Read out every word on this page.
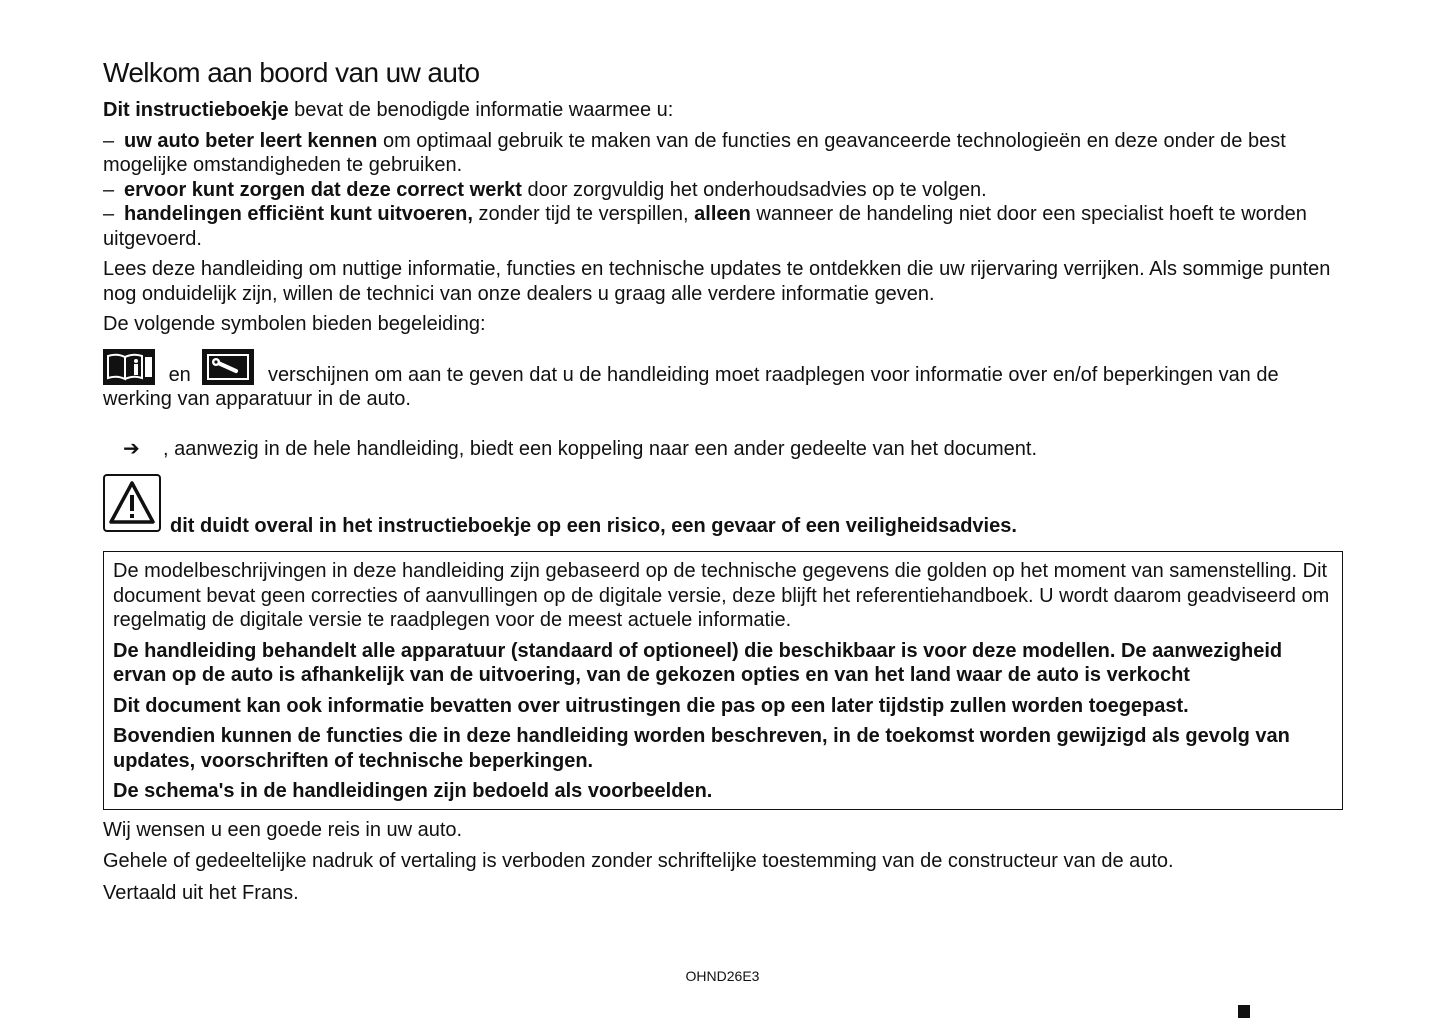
Welkom aan boord van uw auto

Dit instructieboekje bevat de benodigde informatie waarmee u:

– uw auto beter leert kennen om optimaal gebruik te maken van de functies en geavanceerde technologieën en deze onder de best mogelijke omstandigheden te gebruiken.

– ervoor kunt zorgen dat deze correct werkt door zorgvuldig het onderhoudsadvies op te volgen.

– handelingen efficiënt kunt uitvoeren, zonder tijd te verspillen, alleen wanneer de handeling niet door een specialist hoeft te worden uitgevoerd.

Lees deze handleiding om nuttige informatie, functies en technische updates te ontdekken die uw rijervaring verrijken. Als sommige punten nog onduidelijk zijn, willen de technici van onze dealers u graag alle verdere informatie geven.

De volgende symbolen bieden begeleiding:

en	verschijnen om aan te geven dat u de handleiding moet raadplegen voor informatie over en/of beperkingen van de werking van apparatuur in de auto.

➔ , aanwezig in de hele handleiding, biedt een koppeling naar een ander gedeelte van het document.

dit duidt overal in het instructieboekje op een risico, een gevaar of een veiligheidsadvies.

De modelbeschrijvingen in deze handleiding zijn gebaseerd op de technische gegevens die golden op het moment van samenstelling. Dit document bevat geen correcties of aanvullingen op de digitale versie, deze blijft het referentiehandboek. U wordt daarom geadviseerd om regelmatig de digitale versie te raadplegen voor de meest actuele informatie.

De handleiding behandelt alle apparatuur (standaard of optioneel) die beschikbaar is voor deze modellen. De aanwezigheid ervan op de auto is afhankelijk van de uitvoering, van de gekozen opties en van het land waar de auto is verkocht

Dit document kan ook informatie bevatten over uitrustingen die pas op een later tijdstip zullen worden toegepast.

Bovendien kunnen de functies die in deze handleiding worden beschreven, in de toekomst worden gewijzigd als gevolg van updates, voorschriften of technische beperkingen.

De schema's in de handleidingen zijn bedoeld als voorbeelden.

Wij wensen u een goede reis in uw auto.

Gehele of gedeeltelijke nadruk of vertaling is verboden zonder schriftelijke toestemming van de constructeur van de auto.

Vertaald uit het Frans.

OHND26E3
